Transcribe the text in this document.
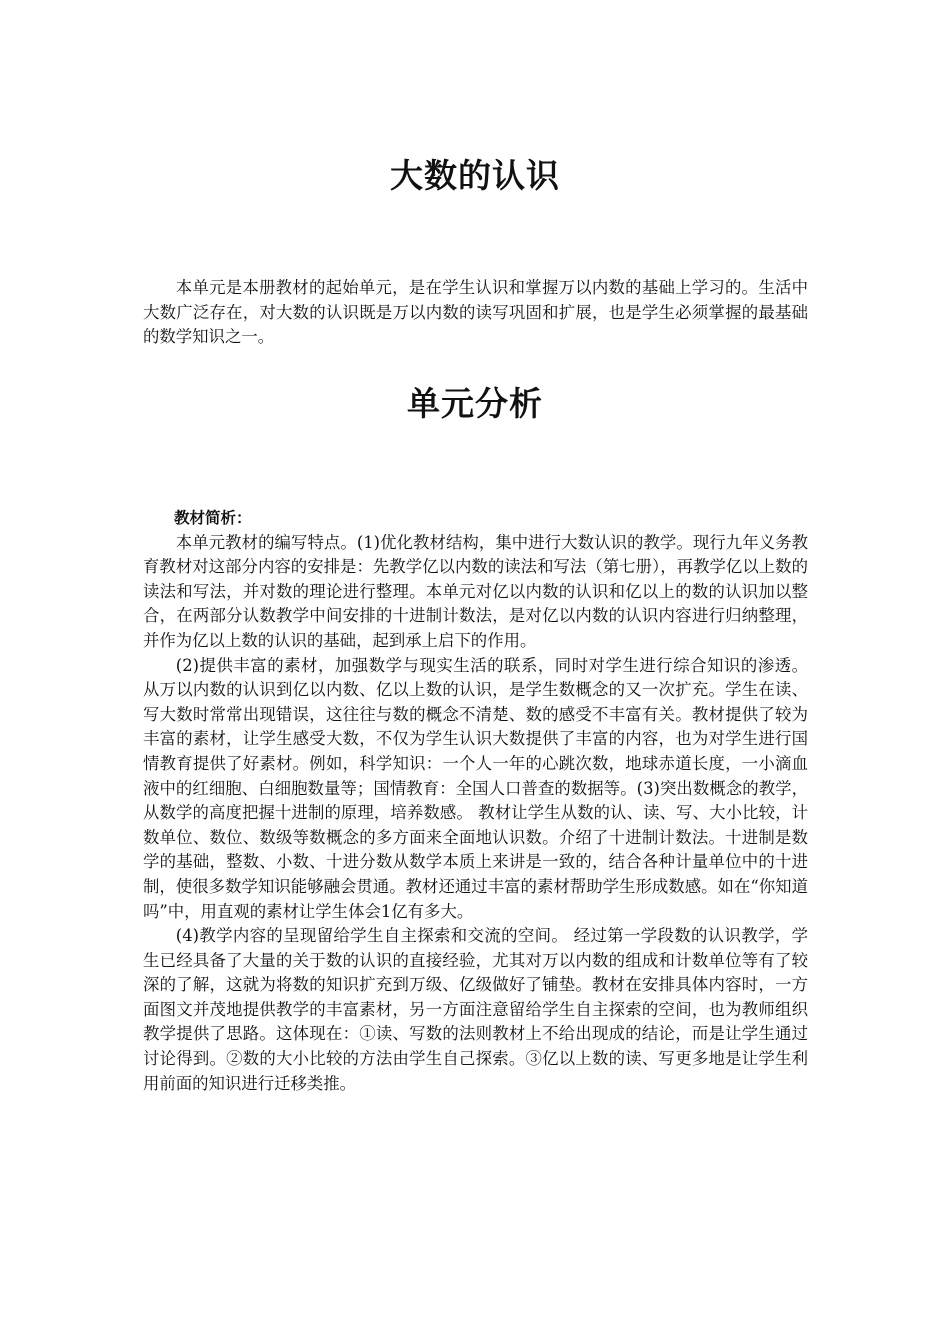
大数的认识

本单元是本册教材的起始单元，是在学生认识和掌握万以内数的基础上学习的。生活中大数广泛存在，对大数的认识既是万以内数的读写巩固和扩展，也是学生必须掌握的最基础的数学知识之一。

单元分析

教材简析：

本单元教材的编写特点。(1)优化教材结构，集中进行大数认识的教学。现行九年义务教育教材对这部分内容的安排是：先教学亿以内数的读法和写法（第七册），再教学亿以上数的读法和写法，并对数的理论进行整理。本单元对亿以内数的认识和亿以上的数的认识加以整合，在两部分认数教学中间安排的十进制计数法，是对亿以内数的认识内容进行归纳整理，并作为亿以上数的认识的基础，起到承上启下的作用。

(2)提供丰富的素材，加强数学与现实生活的联系，同时对学生进行综合知识的渗透。 从万以内数的认识到亿以内数、亿以上数的认识，是学生数概念的又一次扩充。学生在读、写大数时常常出现错误，这往往与数的概念不清楚、数的感受不丰富有关。教材提供了较为丰富的素材，让学生感受大数，不仅为学生认识大数提供了丰富的内容，也为对学生进行国情教育提供了好素材。例如，科学知识：一个人一年的心跳次数，地球赤道长度，一小滴血液中的红细胞、白细胞数量等；国情教育：全国人口普查的数据等。(3)突出数概念的教学，从数学的高度把握十进制的原理，培养数感。 教材让学生从数的认、读、写、大小比较，计数单位、数位、数级等数概念的多方面来全面地认识数。介绍了十进制计数法。十进制是数学的基础，整数、小数、十进分数从数学本质上来讲是一致的，结合各种计量单位中的十进制，使很多数学知识能够融会贯通。教材还通过丰富的素材帮助学生形成数感。如在“你知道吗”中，用直观的素材让学生体会1亿有多大。

(4)教学内容的呈现留给学生自主探索和交流的空间。 经过第一学段数的认识教学，学生已经具备了大量的关于数的认识的直接经验，尤其对万以内数的组成和计数单位等有了较深的了解，这就为将数的知识扩充到万级、亿级做好了铺垫。教材在安排具体内容时，一方面图文并茂地提供教学的丰富素材，另一方面注意留给学生自主探索的空间，也为教师组织教学提供了思路。这体现在：①读、写数的法则教材上不给出现成的结论，而是让学生通过讨论得到。②数的大小比较的方法由学生自己探索。③亿以上数的读、写更多地是让学生利用前面的知识进行迁移类推。
